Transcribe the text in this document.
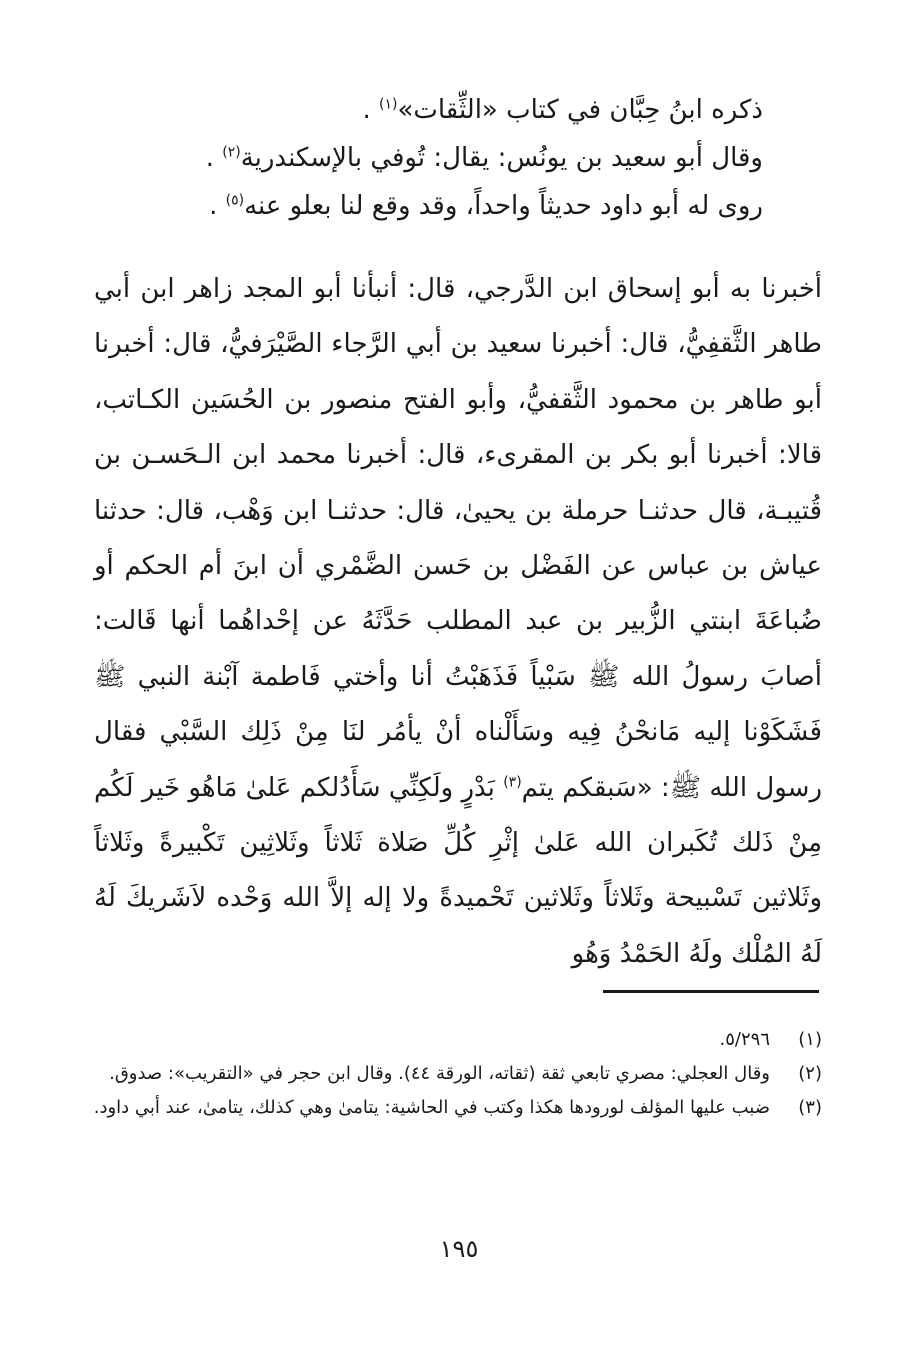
ذكره ابنُ حِبَّان في كتاب «الثِّقات»$^{(١)}$ .

وقال أبو سعيد بن يونُس: يقال: تُوفي بالإسكندرية$^{(٢)}$ .

روى له أبو داود حديثاً واحداً، وقد وقع لنا بعلو عنه$^{(٥)}$ .

أخبرنا به أبو إسحاق ابن الدَّرجي، قال: أنبأنا أبو المجد زاهر ابن أبي طاهر الثَّقفِيُّ، قال: أخبرنا سعيد بن أبي الرَّجاء الصَّيْرَفيُّ، قال: أخبرنا أبو طاهر بن محمود الثَّقفيُّ، وأبو الفتح منصور بن الحُسَين الكـاتب، قالا: أخبرنا أبو بكر بن المقرىء، قال: أخبرنا محمد ابن الـحَسـن بن قُتيبـة، قال حدثنـا حرملة بن يحيىٰ، قال: حدثنـا ابن وَهْب، قال: حدثنا عياش بن عباس عن الفَضْل بن حَسن الضَّمْري أن ابنَ أم الحكم أو ضُباعَةَ ابنتي الزُّبير بن عبد المطلب حَدَّثَهُ عن إحْداهُما أنها قَالت: أصابَ رسولُ الله ﷺ سَبْياً فَذَهَبْتُ أنا وأختي فَاطمة آبْنة النبي ﷺ فَشَكَوْنا إليه مَانحْنُ فِيه وسَأَلْناه أنْ يأمُر لنَا مِنْ ذَلِك السَّبْي فقال رسول الله ﷺ: «سَبقكم يتم$^{(٣)}$ بَدْرٍ ولَكِنِّي سَأَدُلكم عَلىٰ مَاهُو خَير لَكُم مِنْ ذَلك تُكَبران الله عَلىٰ إثْرِ كُلِّ صَلاة ثَلاثاً وثَلاثِين تَكْبيرةً وثَلاثاً وثَلاثين تَسْبيحة وثَلاثاً وثَلاثين تَحْميدةً ولا إله إلاَّ الله وَحْده لاَشَريكَ لَهُ لَهُ المُلْك ولَهُ الحَمْدُ وَهُو

(١)
٥/٢٩٦.
(٢)
وقال العجلي: مصري تابعي ثقة (ثقاته، الورقة ٤٤). وقال ابن حجر في «التقريب»: صدوق.
(٣)
ضبب عليها المؤلف لورودها هكذا وكتب في الحاشية: يتامىٰ وهي كذلك، يتامىٰ، عند أبي داود.
١٩٥
